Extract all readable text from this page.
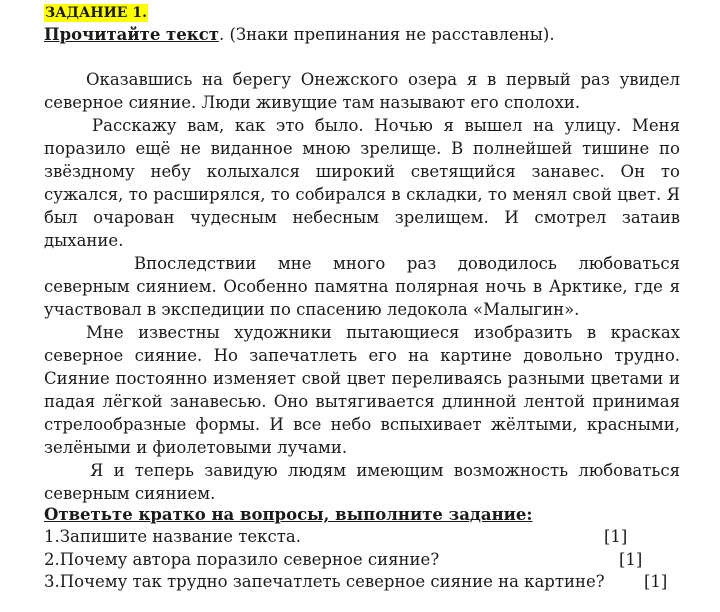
ЗАДАНИЕ 1.
Прочитайте текст. (Знаки препинания не расставлены).

Оказавшись на берегу Онежского озера я в первый раз увидел северное сияние. Люди живущие там называют его сполохи.

Расскажу вам, как это было. Ночью я вышел на улицу. Меня поразило ещё не виданное мною зрелище. В полнейшей тишине по звёздному небу колыхался широкий светящийся занавес. Он то сужался, то расширялся, то собирался в складки, то менял свой цвет. Я был очарован чудесным небесным зрелищем. И смотрел затаив дыхание.

Впоследствии мне много раз доводилось любоваться северным сиянием. Особенно памятна полярная ночь в Арктике, где я участвовал в экспедиции по спасению ледокола «Малыгин».

Мне известны художники пытающиеся изобразить в красках северное сияние. Но запечатлеть его на картине довольно трудно. Сияние постоянно изменяет свой цвет переливаясь разными цветами и падая лёгкой занавесью. Оно вытягивается длинной лентой принимая стрелообразные формы. И все небо вспыхивает жёлтыми, красными, зелёными и фиолетовыми лучами.

Я и теперь завидую людям имеющим возможность любоваться северным сиянием.

Ответьте кратко на вопросы, выполните задание:
1.Запишите название текста.	[1]
2.Почему автора поразило северное сияние?	[1]
3.Почему так трудно запечатлеть северное сияние на картине? [1]
